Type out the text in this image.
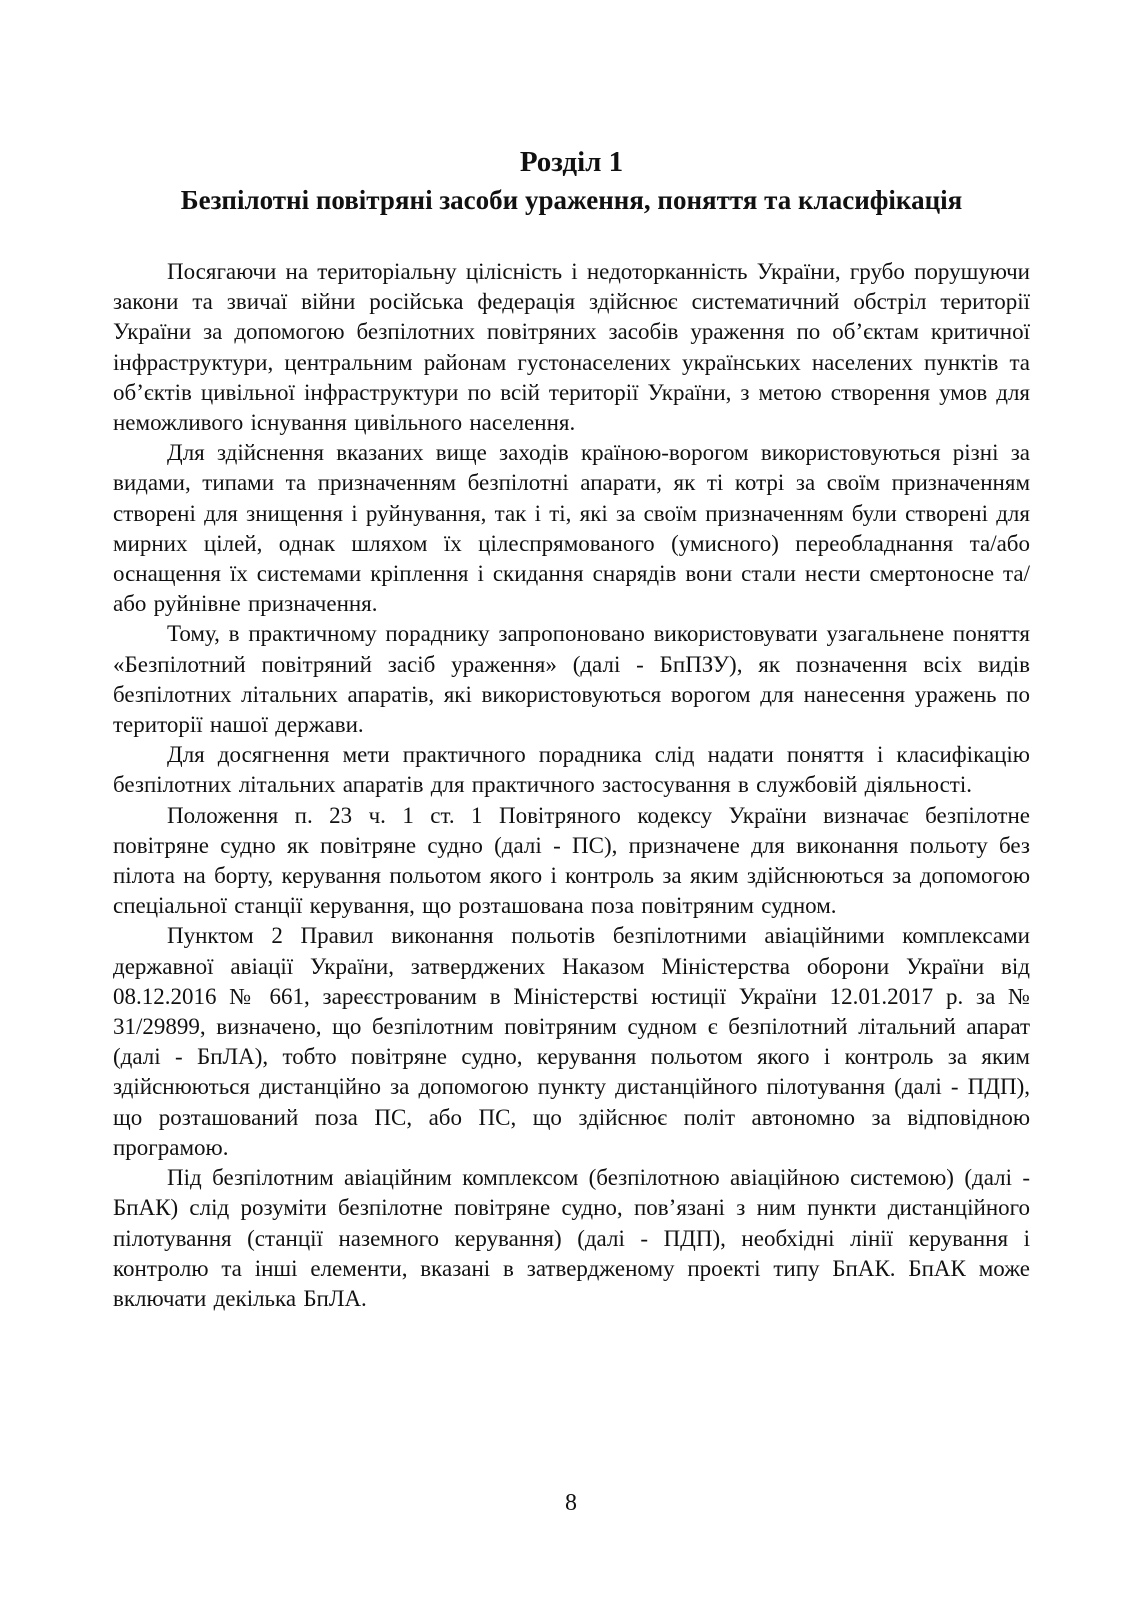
Розділ 1
Безпілотні повітряні засоби ураження, поняття та класифікація

Посягаючи на територіальну цілісність і недоторканність України, грубо порушуючи закони та звичаї війни російська федерація здійснює систематичний обстріл території України за допомогою безпілотних повітряних засобів ураження по об’єктам критичної інфраструктури, центральним районам густонаселених українських населених пунктів та об’єктів цивільної інфраструктури по всій території України, з метою створення умов для неможливого існування цивільного населення.

Для здійснення вказаних вище заходів країною-ворогом використовуються різні за видами, типами та призначенням безпілотні апарати, як ті котрі за своїм призначенням створені для знищення і руйнування, так і ті, які за своїм призначенням були створені для мирних цілей, однак шляхом їх цілеспрямованого (умисного) переобладнання та/або оснащення їх системами кріплення і скидання снарядів вони стали нести смертоносне та/або руйнівне призначення.

Тому, в практичному пораднику запропоновано використовувати узагальнене поняття «Безпілотний повітряний засіб ураження» (далі - БпПЗУ), як позначення всіх видів безпілотних літальних апаратів, які використовуються ворогом для нанесення уражень по території нашої держави.

Для досягнення мети практичного порадника слід надати поняття і класифікацію безпілотних літальних апаратів для практичного застосування в службовій діяльності.

Положення п. 23 ч. 1 ст. 1 Повітряного кодексу України визначає безпілотне повітряне судно як повітряне судно (далі - ПС), призначене для виконання польоту без пілота на борту, керування польотом якого і контроль за яким здійснюються за допомогою спеціальної станції керування, що розташована поза повітряним судном.

Пунктом 2 Правил виконання польотів безпілотними авіаційними комплексами державної авіації України, затверджених Наказом Міністерства оборони України від 08.12.2016 № 661, зареєстрованим в Міністерстві юстиції України 12.01.2017 р. за № 31/29899, визначено, що безпілотним повітряним судном є безпілотний літальний апарат (далі - БпЛА), тобто повітряне судно, керування польотом якого і контроль за яким здійснюються дистанційно за допомогою пункту дистанційного пілотування (далі - ПДП), що розташований поза ПС, або ПС, що здійснює політ автономно за відповідною програмою.

Під безпілотним авіаційним комплексом (безпілотною авіаційною системою) (далі - БпАК) слід розуміти безпілотне повітряне судно, пов’язані з ним пункти дистанційного пілотування (станції наземного керування) (далі - ПДП), необхідні лінії керування і контролю та інші елементи, вказані в затвердженому проекті типу БпАК. БпАК може включати декілька БпЛА.

8
